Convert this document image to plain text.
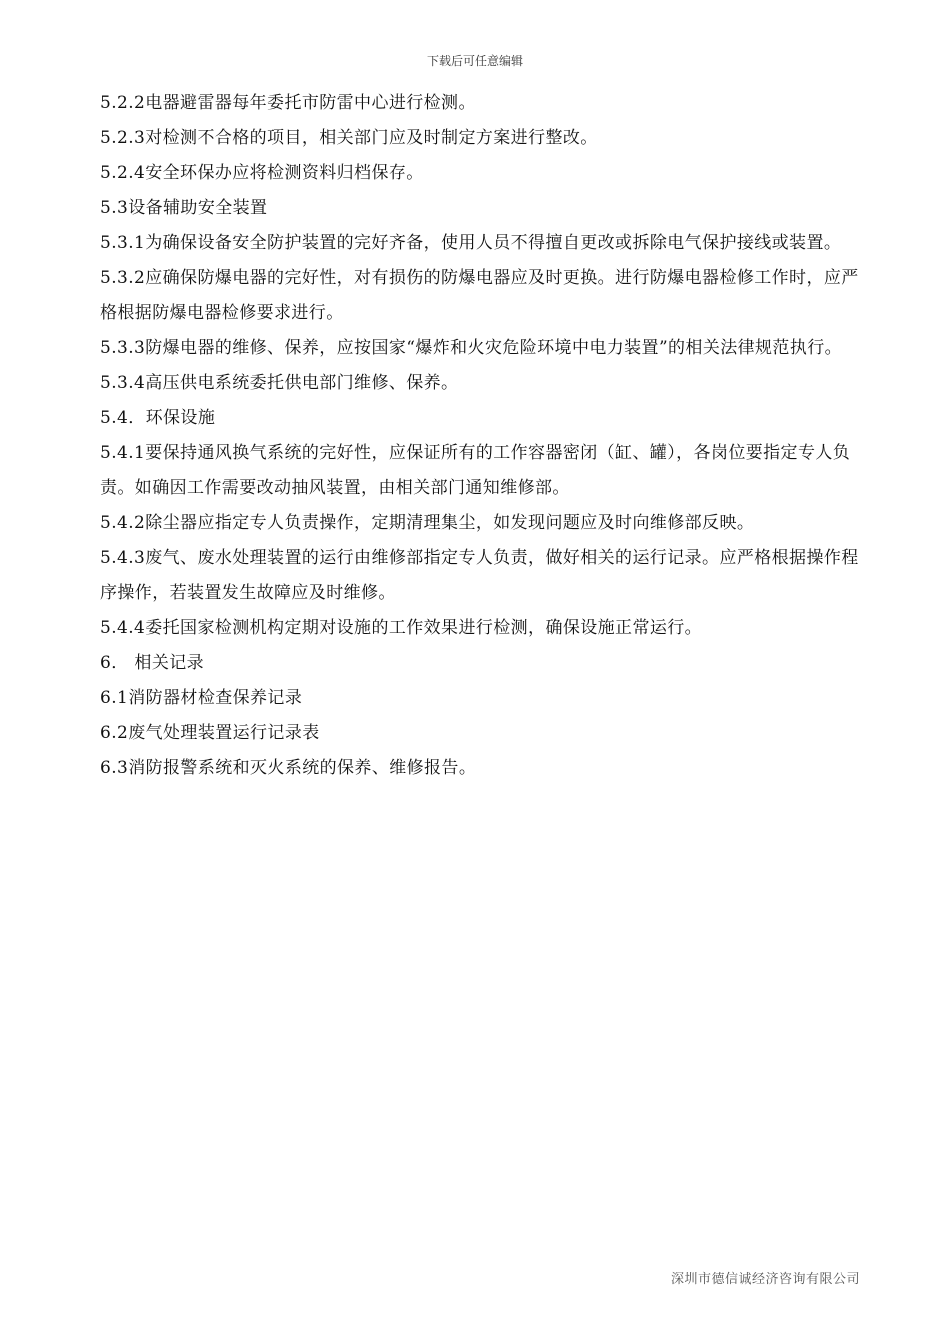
下载后可任意编辑

5.2.2电器避雷器每年委托市防雷中心进行检测。

5.2.3对检测不合格的项目，相关部门应及时制定方案进行整改。

5.2.4安全环保办应将检测资料归档保存。

5.3设备辅助安全装置

5.3.1为确保设备安全防护装置的完好齐备，使用人员不得擅自更改或拆除电气保护接线或装置。

5.3.2应确保防爆电器的完好性，对有损伤的防爆电器应及时更换。进行防爆电器检修工作时，应严格根据防爆电器检修要求进行。

5.3.3防爆电器的维修、保养，应按国家“爆炸和火灾危险环境中电力装置”的相关法律规范执行。

5.3.4高压供电系统委托供电部门维修、保养。

5.4．环保设施

5.4.1要保持通风换气系统的完好性，应保证所有的工作容器密闭（缸、罐），各岗位要指定专人负责。如确因工作需要改动抽风装置，由相关部门通知维修部。

5.4.2除尘器应指定专人负责操作，定期清理集尘，如发现问题应及时向维修部反映。

5.4.3废气、废水处理装置的运行由维修部指定专人负责，做好相关的运行记录。应严格根据操作程序操作，若装置发生故障应及时维修。

5.4.4委托国家检测机构定期对设施的工作效果进行检测，确保设施正常运行。

6． 相关记录

6.1消防器材检查保养记录

6.2废气处理装置运行记录表

6.3消防报警系统和灭火系统的保养、维修报告。

深圳市德信诚经济咨询有限公司
